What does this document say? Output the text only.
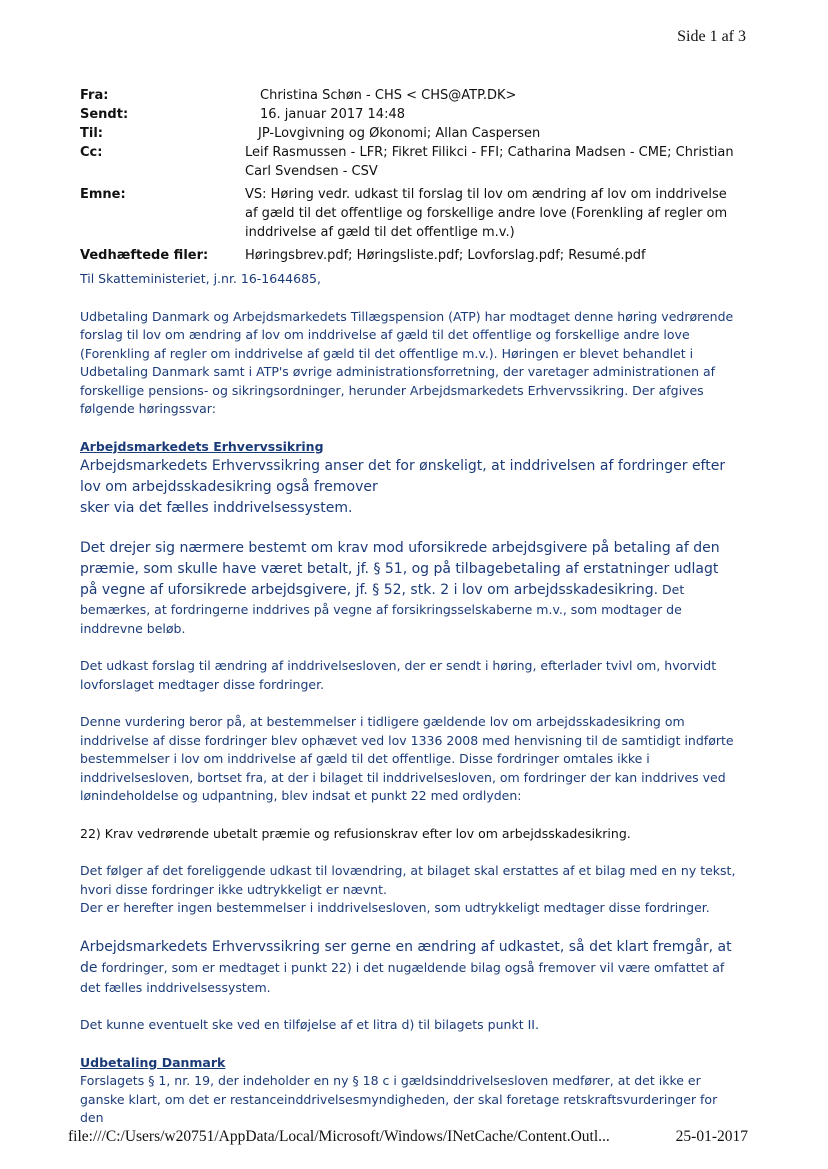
Side 1 af 3
Fra:	Christina Schøn - CHS < CHS@ATP.DK>
Sendt:	16. januar 2017 14:48
Til:	JP-Lovgivning og Økonomi; Allan Caspersen
Cc:	Leif Rasmussen - LFR; Fikret Filikci - FFI; Catharina Madsen - CME; Christian Carl Svendsen - CSV
Emne:	VS: Høring vedr. udkast til forslag til lov om ændring af lov om inddrivelse af gæld til det offentlige og forskellige andre love (Forenkling af regler om inddrivelse af gæld til det offentlige m.v.)
Vedhæftede filer:	Høringsbrev.pdf; Høringsliste.pdf; Lovforslag.pdf; Resumé.pdf

Til Skatteministeriet, j.nr. 16-1644685,

Udbetaling Danmark og Arbejdsmarkedets Tillægspension (ATP) har modtaget denne høring vedrørende forslag til lov om ændring af lov om inddrivelse af gæld til det offentlige og forskellige andre love (Forenkling af regler om inddrivelse af gæld til det offentlige m.v.). Høringen er blevet behandlet i Udbetaling Danmark samt i ATP's øvrige administrationsforretning, der varetager administrationen af forskellige pensions- og sikringsordninger, herunder Arbejdsmarkedets Erhvervssikring. Der afgives følgende høringssvar:

Arbejdsmarkedets Erhvervssikring

Arbejdsmarkedets Erhvervssikring anser det for ønskeligt, at inddrivelsen af fordringer efter lov om arbejdsskadesikring også fremover

sker via det fælles inddrivelsessystem.

Det drejer sig nærmere bestemt om krav mod uforsikrede arbejdsgivere på betaling af den præmie, som skulle have været betalt, jf. § 51, og på tilbagebetaling af erstatninger udlagt på vegne af uforsikrede arbejdsgivere, jf. § 52, stk. 2 i lov om arbejdsskadesikring. Det bemærkes, at fordringerne inddrives på vegne af forsikringsselskaberne m.v., som modtager de inddrevne beløb.

Det udkast forslag til ændring af inddrivelsesloven, der er sendt i høring, efterlader tvivl om, hvorvidt lovforslaget medtager disse fordringer.

Denne vurdering beror på, at bestemmelser i tidligere gældende lov om arbejdsskadesikring om inddrivelse af disse fordringer blev ophævet ved lov 1336 2008 med henvisning til de samtidigt indførte bestemmelser i lov om inddrivelse af gæld til det offentlige. Disse fordringer omtales ikke i inddrivelsesloven, bortset fra, at der i bilaget til inddrivelsesloven, om fordringer der kan inddrives ved lønindeholdelse og udpantning, blev indsat et punkt 22 med ordlyden:

22) Krav vedrørende ubetalt præmie og refusionskrav efter lov om arbejdsskadesikring.

Det følger af det foreliggende udkast til lovændring, at bilaget skal erstattes af et bilag med en ny tekst, hvori disse fordringer ikke udtrykkeligt er nævnt.

Der er herefter ingen bestemmelser i inddrivelsesloven, som udtrykkeligt medtager disse fordringer.

Arbejdsmarkedets Erhvervssikring ser gerne en ændring af udkastet, så det klart fremgår, at de fordringer, som er medtaget i punkt 22) i det nugældende bilag også fremover vil være omfattet af det fælles inddrivelsessystem.

Det kunne eventuelt ske ved en tilføjelse af et litra d) til bilagets punkt II.

Udbetaling Danmark

Forslagets § 1, nr. 19, der indeholder en ny § 18 c i gældsinddrivelsesloven medfører, at det ikke er ganske klart, om det er restanceinddrivelsesmyndigheden, der skal foretage retskraftsvurderinger for den

file:///C:/Users/w20751/AppData/Local/Microsoft/Windows/INetCache/Content.Outl...	25-01-2017
